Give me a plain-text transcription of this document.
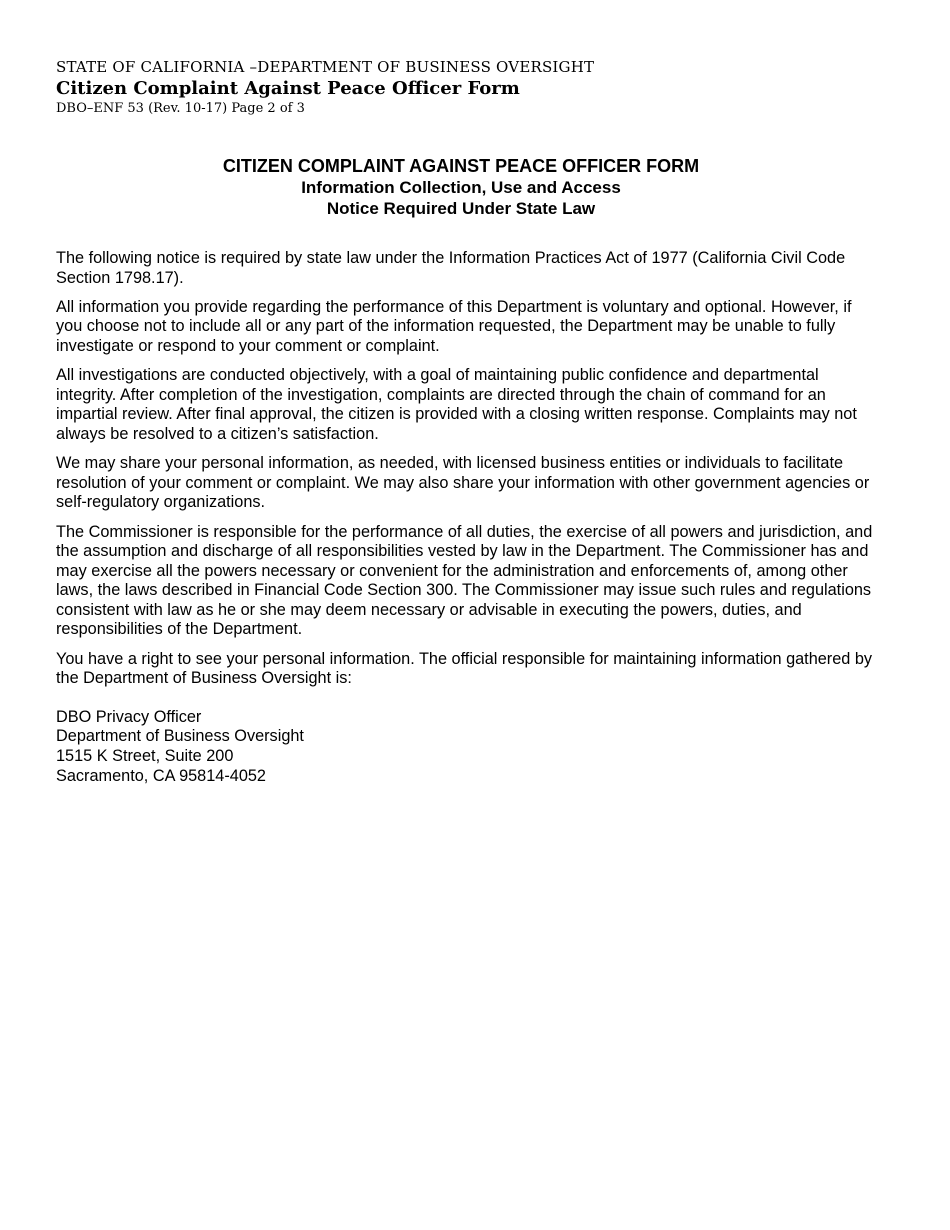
STATE OF CALIFORNIA –DEPARTMENT OF BUSINESS OVERSIGHT
Citizen Complaint Against Peace Officer Form
DBO–ENF 53 (Rev. 10-17) Page 2 of 3
CITIZEN COMPLAINT AGAINST PEACE OFFICER FORM
Information Collection, Use and Access
Notice Required Under State Law

The following notice is required by state law under the Information Practices Act of 1977 (California Civil Code Section 1798.17).

All information you provide regarding the performance of this Department is voluntary and optional. However, if you choose not to include all or any part of the information requested, the Department may be unable to fully investigate or respond to your comment or complaint.

All investigations are conducted objectively, with a goal of maintaining public confidence and departmental integrity. After completion of the investigation, complaints are directed through the chain of command for an impartial review. After final approval, the citizen is provided with a closing written response. Complaints may not always be resolved to a citizen’s satisfaction.

We may share your personal information, as needed, with licensed business entities or individuals to facilitate resolution of your comment or complaint. We may also share your information with other government agencies or self-regulatory organizations.

The Commissioner is responsible for the performance of all duties, the exercise of all powers and jurisdiction, and the assumption and discharge of all responsibilities vested by law in the Department. The Commissioner has and may exercise all the powers necessary or convenient for the administration and enforcements of, among other laws, the laws described in Financial Code Section 300. The Commissioner may issue such rules and regulations consistent with law as he or she may deem necessary or advisable in executing the powers, duties, and responsibilities of the Department.

You have a right to see your personal information. The official responsible for maintaining information gathered by the Department of Business Oversight is:

DBO Privacy Officer
Department of Business Oversight
1515 K Street, Suite 200
Sacramento, CA 95814-4052
